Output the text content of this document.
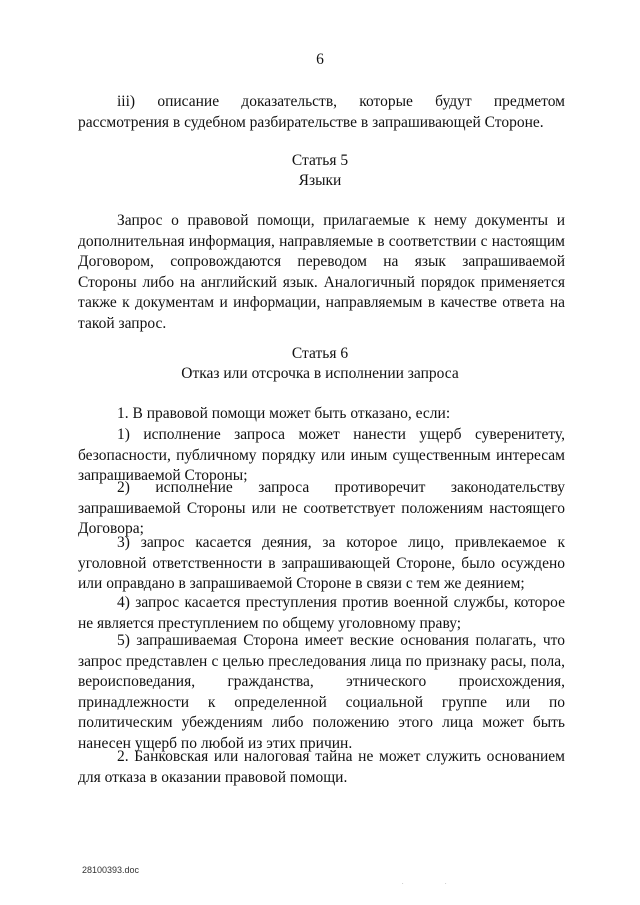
6
iii) описание доказательств, которые будут предметом рассмотрения в судебном разбирательстве в запрашивающей Стороне.
Статья 5
Языки
Запрос о правовой помощи, прилагаемые к нему документы и дополнительная информация, направляемые в соответствии с настоящим Договором, сопровождаются переводом на язык запрашиваемой Стороны либо на английский язык. Аналогичный порядок применяется также к документам и информации, направляемым в качестве ответа на такой запрос.
Статья 6
Отказ или отсрочка в исполнении запроса
1. В правовой помощи может быть отказано, если:
1) исполнение запроса может нанести ущерб суверенитету, безопасности, публичному порядку или иным существенным интересам запрашиваемой Стороны;
2) исполнение запроса противоречит законодательству запрашиваемой Стороны или не соответствует положениям настоящего Договора;
3) запрос касается деяния, за которое лицо, привлекаемое к уголовной ответственности в запрашивающей Стороне, было осуждено или оправдано в запрашиваемой Стороне в связи с тем же деянием;
4) запрос касается преступления против военной службы, которое не является преступлением по общему уголовному праву;
5) запрашиваемая Сторона имеет веские основания полагать, что запрос представлен с целью преследования лица по признаку расы, пола, вероисповедания, гражданства, этнического происхождения, принадлежности к определенной социальной группе или по политическим убеждениям либо положению этого лица может быть нанесен ущерб по любой из этих причин.
2. Банковская или налоговая тайна не может служить основанием для отказа в оказании правовой помощи.
28100393.doc
. .
